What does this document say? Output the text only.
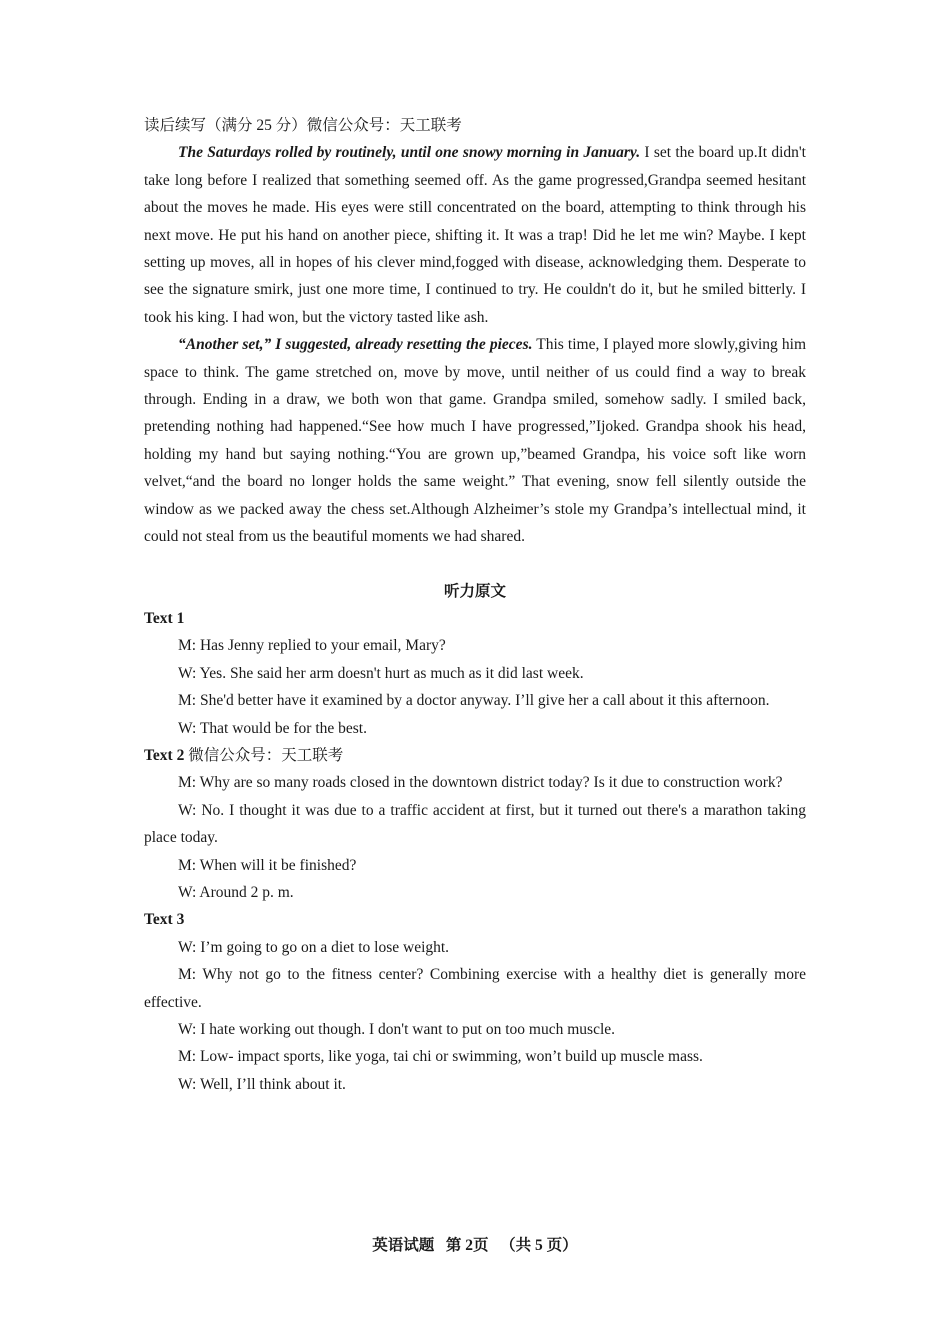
读后续写（满分 25 分）微信公众号：天工联考

The Saturdays rolled by routinely, until one snowy morning in January. I set the board up.It didn't take long before I realized that something seemed off. As the game progressed,Grandpa seemed hesitant about the moves he made. His eyes were still concentrated on the board, attempting to think through his next move. He put his hand on another piece, shifting it. It was a trap! Did he let me win? Maybe. I kept setting up moves, all in hopes of his clever mind,fogged with disease, acknowledging them. Desperate to see the signature smirk, just one more time, I continued to try. He couldn't do it, but he smiled bitterly. I took his king. I had won, but the victory tasted like ash.

“Another set,” I suggested, already resetting the pieces. This time, I played more slowly,giving him space to think. The game stretched on, move by move, until neither of us could find a way to break through. Ending in a draw, we both won that game. Grandpa smiled, somehow sadly. I smiled back, pretending nothing had happened.“See how much I have progressed,”Ijoked. Grandpa shook his head, holding my hand but saying nothing.“You are grown up,”beamed Grandpa, his voice soft like worn velvet,“and the board no longer holds the same weight.” That evening, snow fell silently outside the window as we packed away the chess set.Although Alzheimer’s stole my Grandpa’s intellectual mind, it could not steal from us the beautiful moments we had shared.

听力原文

Text 1

M: Has Jenny replied to your email, Mary?

W: Yes. She said her arm doesn't hurt as much as it did last week.

M: She'd better have it examined by a doctor anyway. I’ll give her a call about it this afternoon.

W: That would be for the best.

Text 2 微信公众号：天工联考

M: Why are so many roads closed in the downtown district today? Is it due to construction work?

W: No. I thought it was due to a traffic accident at first, but it turned out there's a marathon taking place today.

M: When will it be finished?

W: Around 2 p. m.

Text 3

W: I’m going to go on a diet to lose weight.

M: Why not go to the fitness center? Combining exercise with a healthy diet is generally more effective.

W: I hate working out though. I don't want to put on too much muscle.

M: Low- impact sports, like yoga, tai chi or swimming, won’t build up muscle mass.

W: Well, I’ll think about it.

英语试题   第 2页   （共 5 页）
